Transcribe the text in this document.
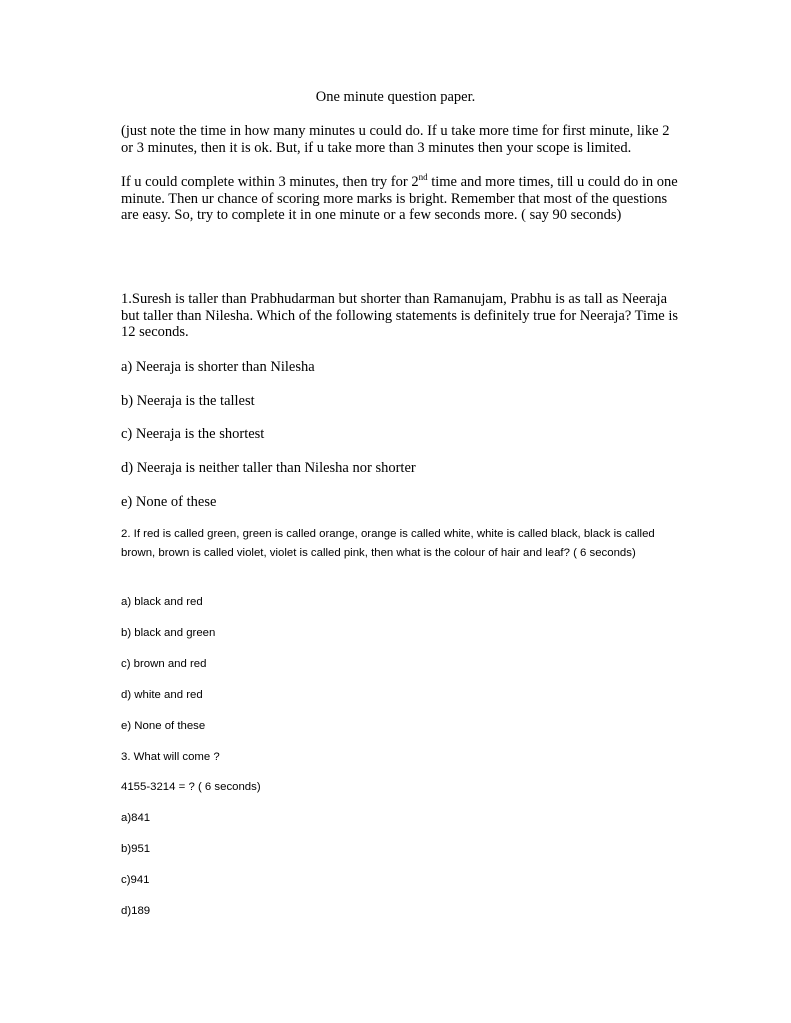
One minute question paper.

(just note the time in how many minutes u could do. If u take more time for first minute, like 2 or 3 minutes, then it is ok. But, if u take more than 3 minutes then your scope is limited.

If u could complete within 3 minutes, then try for 2nd time and more times, till u could do in one minute. Then ur chance of scoring more marks is bright. Remember that most of the questions are easy. So, try to complete it in one minute or a few seconds more. ( say 90 seconds)

1.Suresh is taller than Prabhudarman but shorter than Ramanujam, Prabhu is as tall as Neeraja but taller than Nilesha. Which of the following statements is definitely true for Neeraja? Time is 12 seconds.

a) Neeraja is shorter than Nilesha

b) Neeraja is the tallest

c) Neeraja is the shortest

d) Neeraja is neither taller than Nilesha nor shorter

e) None of these

2. If red is called green, green is called orange, orange is called white, white is called black, black is called brown, brown is called violet, violet is called pink, then what is the colour of hair and leaf? ( 6 seconds)

a) black and red

b) black and green

c) brown and red

d) white and red

e) None of these

3. What will come ?

4155-3214 = ? ( 6 seconds)

a)841

b)951

c)941

d)189
